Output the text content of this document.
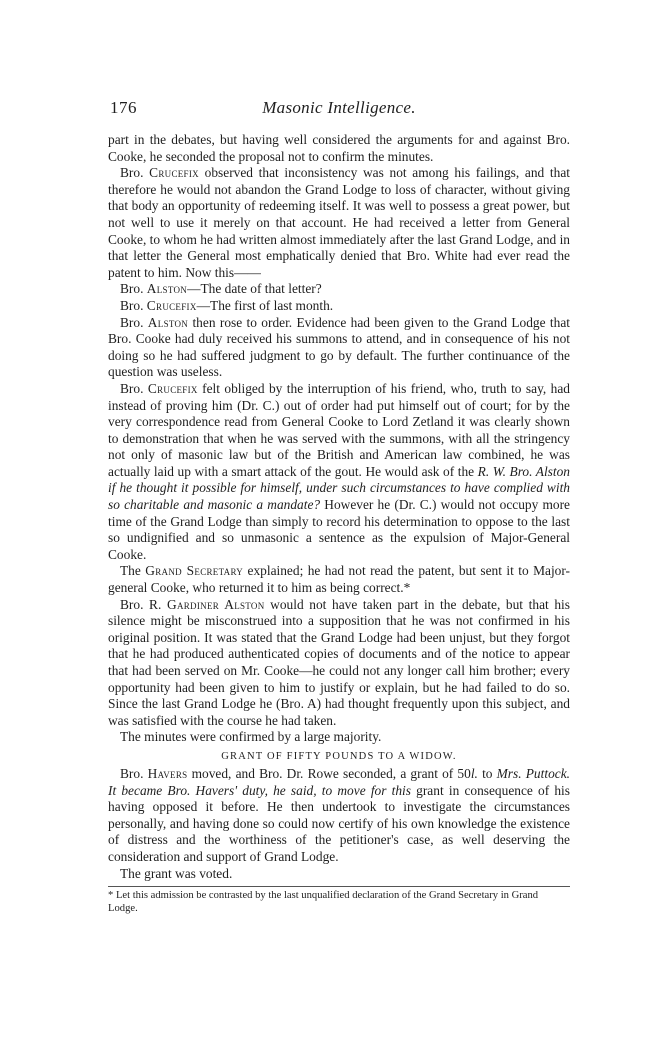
176	Masonic Intelligence.

part in the debates, but having well considered the arguments for and against Bro. Cooke, he seconded the proposal not to confirm the minutes.

Bro. Crucefix observed that inconsistency was not among his failings, and that therefore he would not abandon the Grand Lodge to loss of character, without giving that body an opportunity of redeeming itself. It was well to possess a great power, but not well to use it merely on that account. He had received a letter from General Cooke, to whom he had written almost immediately after the last Grand Lodge, and in that letter the General most emphatically denied that Bro. White had ever read the patent to him. Now this——

Bro. Alston—The date of that letter?

Bro. Crucefix—The first of last month.

Bro. Alston then rose to order. Evidence had been given to the Grand Lodge that Bro. Cooke had duly received his summons to attend, and in consequence of his not doing so he had suffered judgment to go by default. The further continuance of the question was useless.

Bro. Crucefix felt obliged by the interruption of his friend, who, truth to say, had instead of proving him (Dr. C.) out of order had put himself out of court; for by the very correspondence read from General Cooke to Lord Zetland it was clearly shown to demonstration that when he was served with the summons, with all the stringency not only of masonic law but of the British and American law combined, he was actually laid up with a smart attack of the gout. He would ask of the R. W. Bro. Alston if he thought it possible for himself, under such circumstances to have complied with so charitable and masonic a mandate? However he (Dr. C.) would not occupy more time of the Grand Lodge than simply to record his determination to oppose to the last so undignified and so unmasonic a sentence as the expulsion of Major-General Cooke.

The Grand Secretary explained; he had not read the patent, but sent it to Major-general Cooke, who returned it to him as being correct.*

Bro. R. Gardiner Alston would not have taken part in the debate, but that his silence might be misconstrued into a supposition that he was not confirmed in his original position. It was stated that the Grand Lodge had been unjust, but they forgot that he had produced authenticated copies of documents and of the notice to appear that had been served on Mr. Cooke—he could not any longer call him brother; every opportunity had been given to him to justify or explain, but he had failed to do so. Since the last Grand Lodge he (Bro. A) had thought frequently upon this subject, and was satisfied with the course he had taken.

The minutes were confirmed by a large majority.

GRANT OF FIFTY POUNDS TO A WIDOW.

Bro. Havers moved, and Bro. Dr. Rowe seconded, a grant of 50l. to Mrs. Puttock. It became Bro. Havers' duty, he said, to move for this grant in consequence of his having opposed it before. He then undertook to investigate the circumstances personally, and having done so could now certify of his own knowledge the existence of distress and the worthiness of the petitioner's case, as well deserving the consideration and support of Grand Lodge.

The grant was voted.

* Let this admission be contrasted by the last unqualified declaration of the Grand Secretary in Grand Lodge.
